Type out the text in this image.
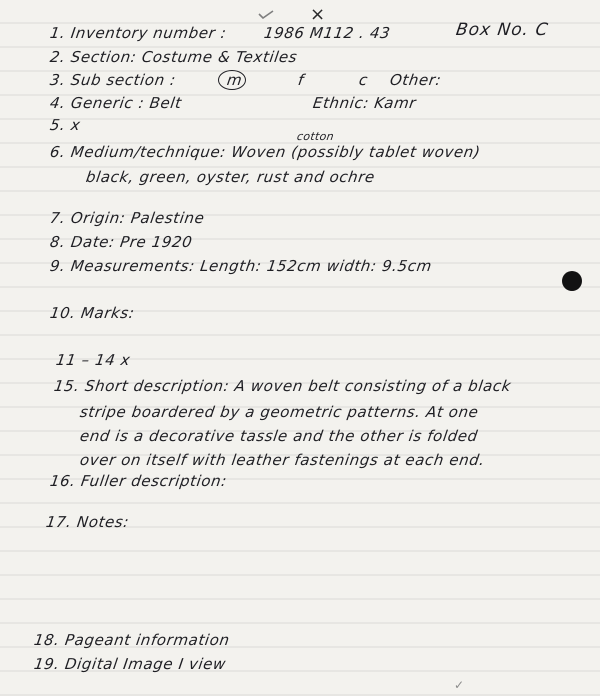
×
1. Inventory number : 1986 M112 . 43	Box No. C
2. Section: Costume & Textiles
3. Sub section :	m	f	c Other:
4. Generic : Belt	Ethnic: Kamr
5. x
cotton
6. Medium/technique: Woven (possibly tablet woven)
black, green, oyster, rust and ochre
7. Origin: Palestine
8. Date: Pre 1920
9. Measurements: Length: 152cm width: 9.5cm
10. Marks:
11 – 14 x
15. Short description: A woven belt consisting of a black
stripe boardered by a geometric patterns. At one
end is a decorative tassle and the other is folded
over on itself with leather fastenings at each end.
16. Fuller description:
17. Notes:
18. Pageant information
19. Digital Image I view
✓
